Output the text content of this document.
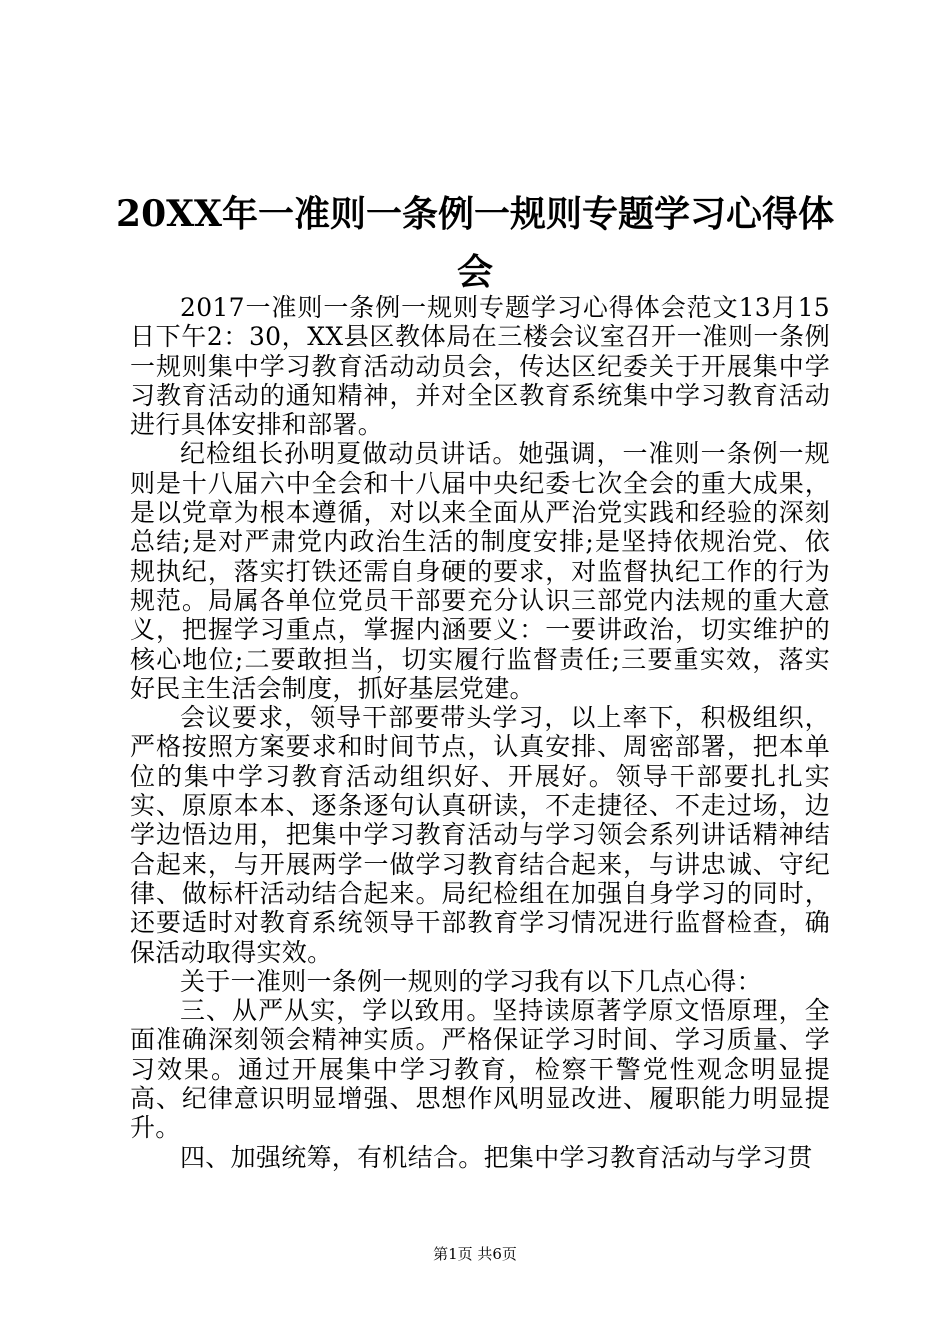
20XX年一准则一条例一规则专题学习心得体会

2017一准则一条例一规则专题学习心得体会范文13月15日下午2：30，XX县区教体局在三楼会议室召开一准则一条例一规则集中学习教育活动动员会，传达区纪委关于开展集中学习教育活动的通知精神，并对全区教育系统集中学习教育活动进行具体安排和部署。

纪检组长孙明夏做动员讲话。她强调，一准则一条例一规则是十八届六中全会和十八届中央纪委七次全会的重大成果，是以党章为根本遵循，对以来全面从严治党实践和经验的深刻总结;是对严肃党内政治生活的制度安排;是坚持依规治党、依规执纪，落实打铁还需自身硬的要求，对监督执纪工作的行为规范。局属各单位党员干部要充分认识三部党内法规的重大意义，把握学习重点，掌握内涵要义：一要讲政治，切实维护的核心地位;二要敢担当，切实履行监督责任;三要重实效，落实好民主生活会制度，抓好基层党建。

会议要求，领导干部要带头学习，以上率下，积极组织，严格按照方案要求和时间节点，认真安排、周密部署，把本单位的集中学习教育活动组织好、开展好。领导干部要扎扎实实、原原本本、逐条逐句认真研读，不走捷径、不走过场，边学边悟边用，把集中学习教育活动与学习领会系列讲话精神结合起来，与开展两学一做学习教育结合起来，与讲忠诚、守纪律、做标杆活动结合起来。局纪检组在加强自身学习的同时，还要适时对教育系统领导干部教育学习情况进行监督检查，确保活动取得实效。

关于一准则一条例一规则的学习我有以下几点心得：

三、从严从实，学以致用。坚持读原著学原文悟原理，全面准确深刻领会精神实质。严格保证学习时间、学习质量、学习效果。通过开展集中学习教育，检察干警党性观念明显提高、纪律意识明显增强、思想作风明显改进、履职能力明显提升。

四、加强统筹，有机结合。把集中学习教育活动与学习贯

第1页 共6页
